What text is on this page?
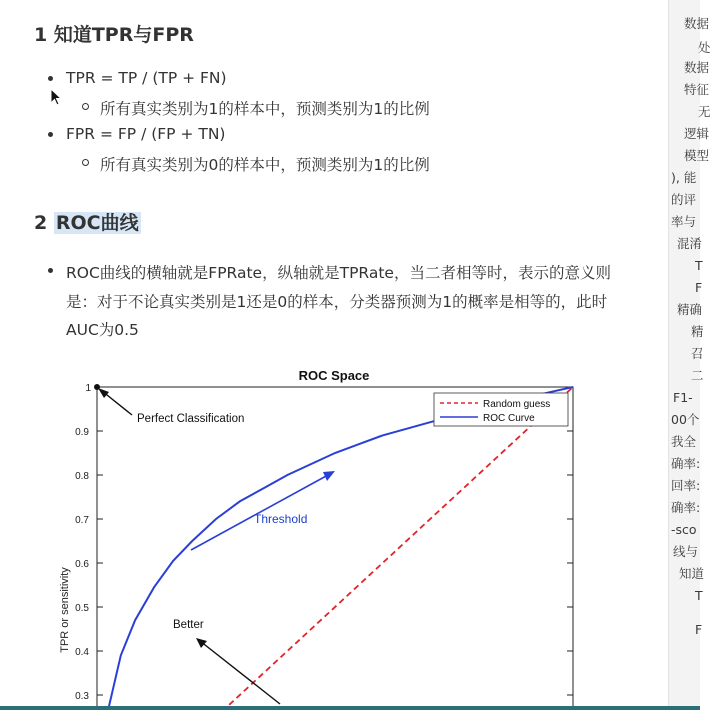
1 知道TPR与FPR
TPR = TP / (TP + FN)
所有真实类别为1的样本中，预测类别为1的比例
FPR = FP / (FP + TN)
所有真实类别为0的样本中，预测类别为1的比例
2 ROC曲线
ROC曲线的横轴就是FPRate，纵轴就是TPRate，当二者相等时，表示的意义则
是：对于不论真实类别是1还是0的样本，分类器预测为1的概率是相等的，此时
AUC为0.5
ROC Space
TPR or sensitivity
0.3
0.4
0.5
0.6
0.7
0.8
0.9
1
Random guess
ROC Curve
Perfect Classification
Threshold
Better
数据
处
数据
特征
无
逻辑
模型
), 能
的评
率与
混淆
T
F
精确
精
召
二
F1-
00个
我全
确率:
回率:
确率:
-sco
线与
知道
T
F
